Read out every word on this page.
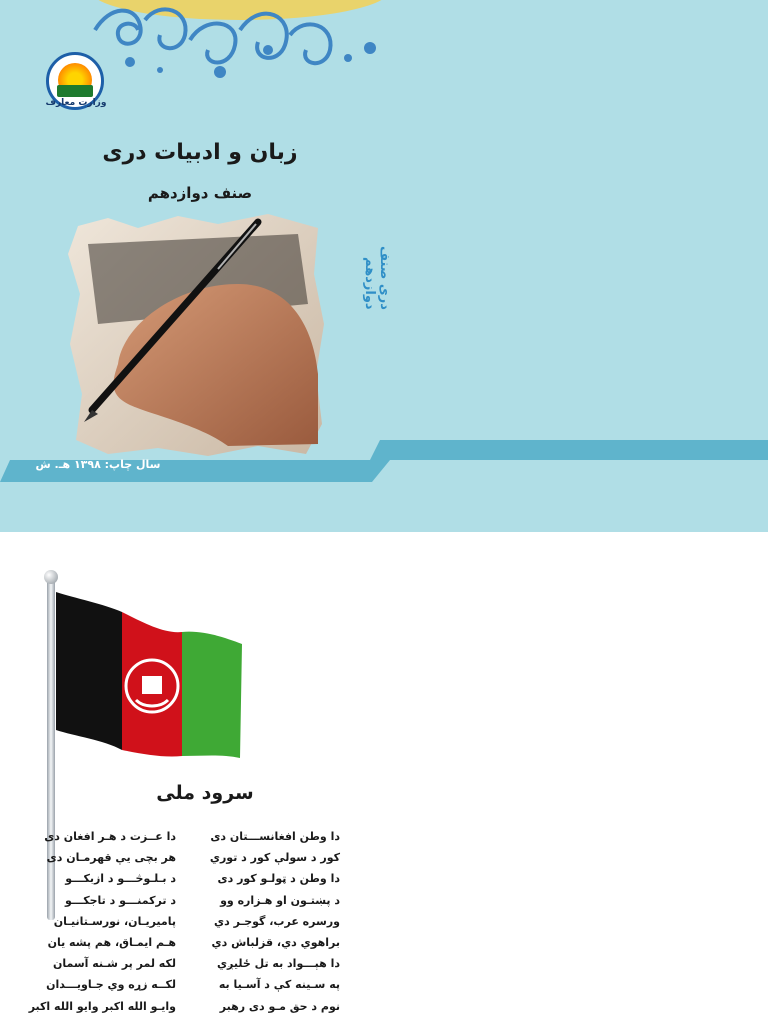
وزارت معارف
زبان و ادبیات دری
صنف دوازدهم
دری صنف دوازدهم
سال چاپ: ۱۳۹۸ هـ. ش
سرود ملی
دا وطن افغانســـتان دی
کور د سولې کور د توري
دا وطن د ټولـو کور دی
د پښتـون او هـزاره وو
ورسره عرب، گوجـر دي
براهوي دي، قزلباش دي
دا هېـــواد به تل ځلیږي
په سـینه کې د آسـیا به
نوم د حق مـو دی رهبر
دا عــزت د هـر افغان دی
هر بچی یې قهرمـان دی
د بـلـوڅـــو د ازبکـــو
د ترکمنـــو د تاجکـــو
پامیریـان، نورسـتانیـان
هـم ایمـاق، هم پشه یان
لکه لمر پر شـنه آسمان
لکــه زړه وي جـاویـــدان
وایـو الله اکبر وایو الله اکبر
